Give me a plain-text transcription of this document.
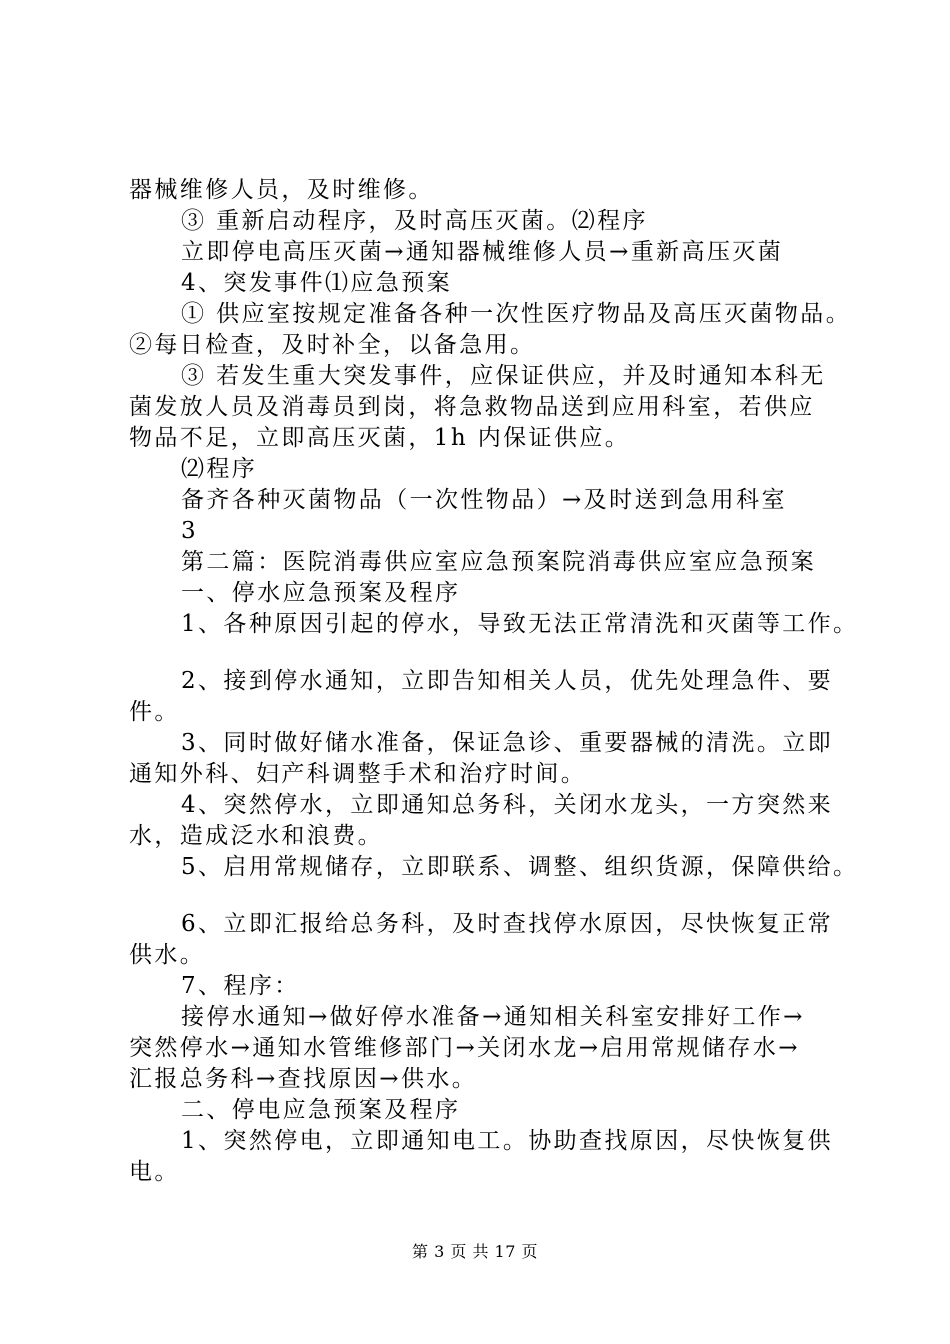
器械维修人员，及时维修。
③ 重新启动程序，及时高压灭菌。⑵程序
立即停电高压灭菌→通知器械维修人员→重新高压灭菌
4、突发事件⑴应急预案
① 供应室按规定准备各种一次性医疗物品及高压灭菌物品。
②每日检查，及时补全，以备急用。
③ 若发生重大突发事件，应保证供应，并及时通知本科无
菌发放人员及消毒员到岗，将急救物品送到应用科室，若供应
物品不足，立即高压灭菌，1h 内保证供应。
⑵程序
备齐各种灭菌物品（一次性物品）→及时送到急用科室
3
第二篇：医院消毒供应室应急预案院消毒供应室应急预案
一、停水应急预案及程序
1、各种原因引起的停水，导致无法正常清洗和灭菌等工作。
2、接到停水通知，立即告知相关人员，优先处理急件、要
件。
3、同时做好储水准备，保证急诊、重要器械的清洗。立即
通知外科、妇产科调整手术和治疗时间。
4、突然停水，立即通知总务科，关闭水龙头，一方突然来
水，造成泛水和浪费。
5、启用常规储存，立即联系、调整、组织货源，保障供给。
6、立即汇报给总务科，及时查找停水原因，尽快恢复正常
供水。
7、程序：
接停水通知→做好停水准备→通知相关科室安排好工作→
突然停水→通知水管维修部门→关闭水龙→启用常规储存水→
汇报总务科→查找原因→供水。
二、停电应急预案及程序
1、突然停电，立即通知电工。协助查找原因，尽快恢复供
电。
第 3 页 共 17 页
